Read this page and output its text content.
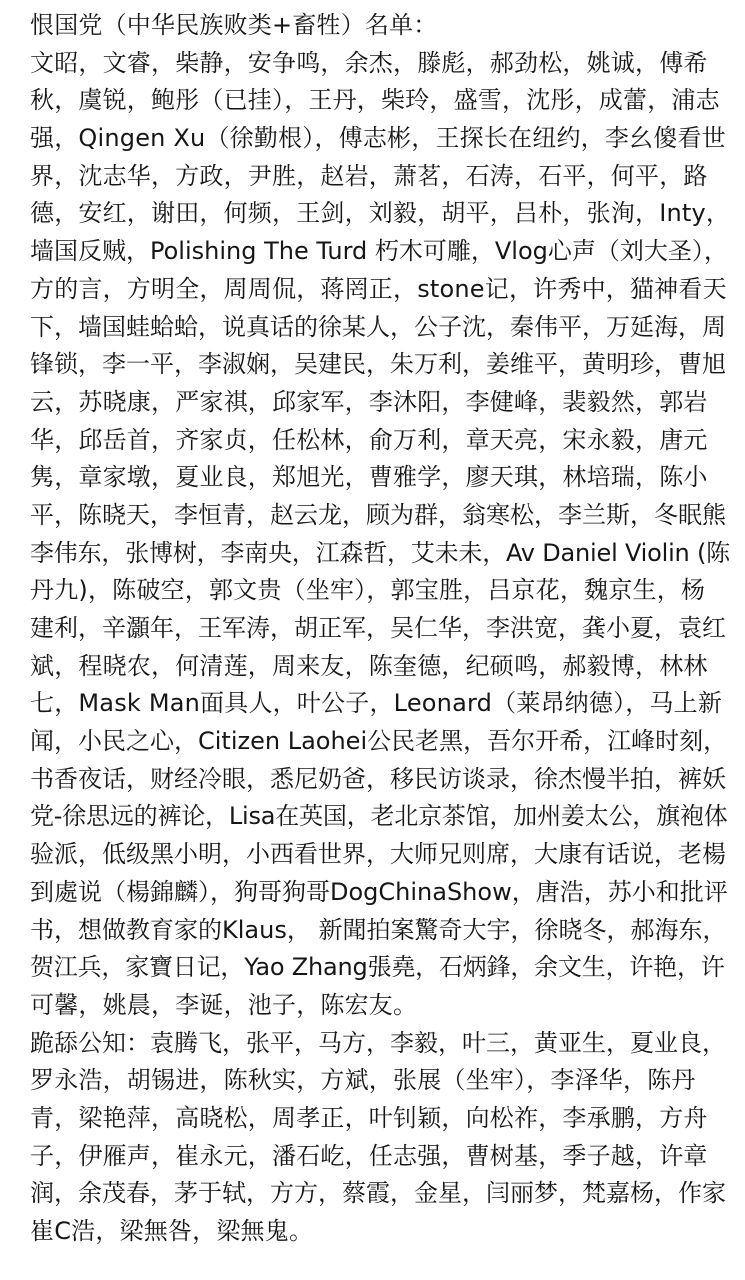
恨国党（中华民族败类+畜牲）名单：
文昭，文睿，柴静，安争鸣，余杰，滕彪，郝劲松，姚诚，傅希
秋，虞锐，鲍彤（已挂），王丹，柴玲，盛雪，沈彤，成蕾，浦志
强，Qingen Xu（徐勤根），傅志彬，王探长在纽约，李幺傻看世
界，沈志华，方政，尹胜，赵岩，萧茗，石涛，石平，何平，路
德，安红，谢田，何频，王剑，刘毅，胡平，吕朴，张洵，Inty，
墙国反贼，Polishing The Turd 朽木可雕，Vlog心声（刘大圣），
方的言，方明全，周周侃，蒋罔正，stone记，许秀中，猫神看天
下，墙国蛙蛤蛤，说真话的徐某人，公子沈，秦伟平，万延海，周
锋锁，李一平，李淑娴，吴建民，朱万利，姜维平，黄明珍，曹旭
云，苏晓康，严家祺，邱家军，李沐阳，李健峰，裴毅然，郭岩
华，邱岳首，齐家贞，任松林，俞万利，章天亮，宋永毅，唐元
隽，章家墩，夏业良，郑旭光，曹雅学，廖天琪，林培瑞，陈小
平，陈晓天，李恒青，赵云龙，顾为群，翁寒松，李兰斯，冬眠熊
李伟东，张博树，李南央，江森哲，艾未未，Av Daniel Violin (陈
丹九)，陈破空，郭文贵（坐牢），郭宝胜，吕京花，魏京生，杨
建利，辛灝年，王军涛，胡正军，吴仁华，李洪宽，龚小夏，袁红
斌，程晓农，何清莲，周来友，陈奎德，纪硕鸣，郝毅博，林林
七，Mask Man面具人，叶公子，Leonard（莱昂纳德），马上新
闻，小民之心，Citizen Laohei公民老黑，吾尔开希，江峰时刻，
书香夜话，财经冷眼，悉尼奶爸，移民访谈录，徐杰慢半拍，裤妖
党-徐思远的裤论，Lisa在英国，老北京茶馆，加州姜太公，旗袍体
验派，低级黑小明，小西看世界，大师兄则席，大康有话说，老楊
到處说（楊錦麟），狗哥狗哥DogChinaShow，唐浩，苏小和批评
书，想做教育家的Klaus， 新聞拍案驚奇大宇，徐晓冬，郝海东，
贺江兵，家寶日记，Yao Zhang張堯，石炳鋒，余文生，许艳，许
可馨，姚晨，李诞，池子，陈宏友。
跪舔公知：袁腾飞，张平，马方，李毅，叶三，黄亚生，夏业良，
罗永浩，胡锡进，陈秋实，方斌，张展（坐牢），李泽华，陈丹
青，梁艳萍，高晓松，周孝正，叶钊颖，向松祚，李承鹏，方舟
子，伊雁声，崔永元，潘石屹，任志强，曹树基，季子越，许章
润，余茂春，茅于轼，方方，蔡霞，金星，闫丽梦，梵嘉杨，作家
崔C浩，梁無咎，梁無鬼。
